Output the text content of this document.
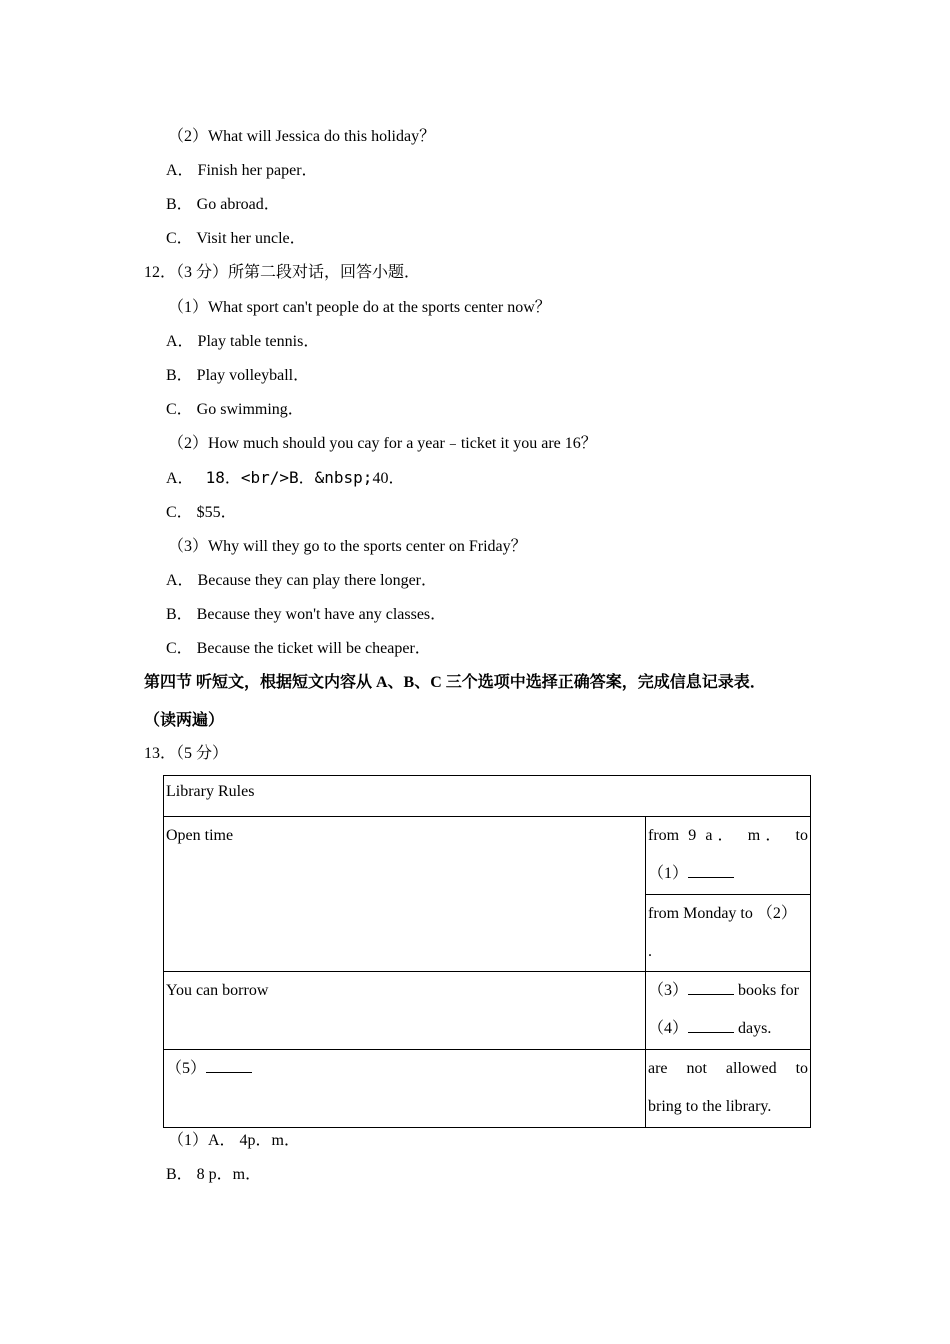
（2）What will Jessica do this holiday？
A． Finish her paper．
B． Go abroad．
C． Visit her uncle．
12．（3 分）所第二段对话，回答小题．
（1）What sport can't people do at the sports center now？
A． Play table tennis．
B． Play volleyball．
C． Go swimming．
（2）How much should you cay for a year﹣ticket it you are 16？
A． 18．<br/>B．&nbsp;40．
C． $55．
（3）Why will they go to the sports center on Friday？
A． Because they can play there longer．
B． Because they won't have any classes．
C． Because the ticket will be cheaper．
第四节 听短文，根据短文内容从 A、B、C 三个选项中选择正确答案，完成信息记录表．
（读两遍）
13．（5 分）
Library Rules	
Open time	from 9 a． m． to
（1）

	from Monday to （2）
.

You can borrow	（3） books for
（4） days.

（5）	are not allowed to
bring to the library.
（1）A． 4p．m．
B． 8 p．m．
